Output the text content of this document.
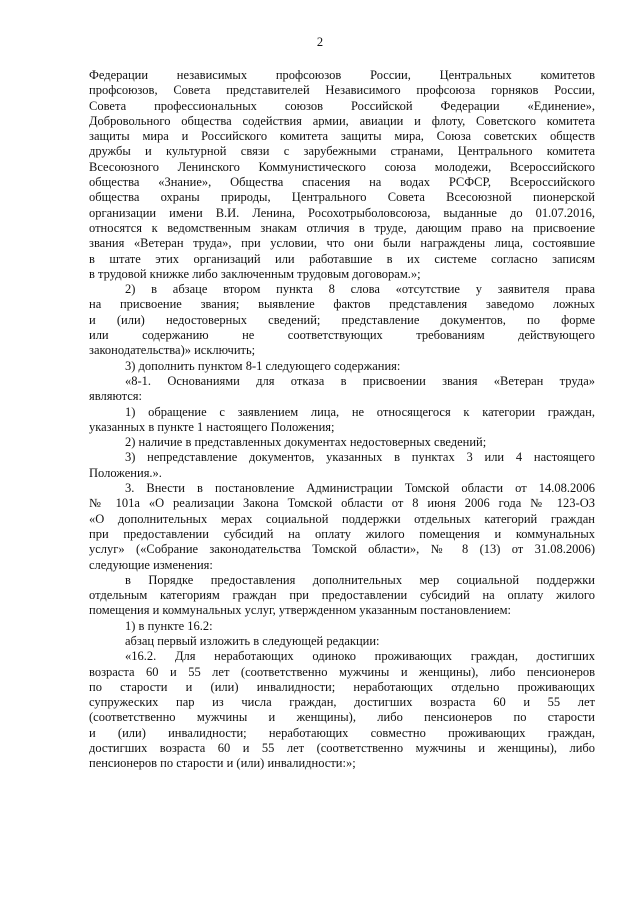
2
Федерации независимых профсоюзов России, Центральных комитетов
профсоюзов, Совета представителей Независимого профсоюза горняков России,
Совета профессиональных союзов Российской Федерации «Единение»,
Добровольного общества содействия армии, авиации и флоту, Советского комитета
защиты мира и Российского комитета защиты мира, Союза советских обществ
дружбы и культурной связи с зарубежными странами, Центрального комитета
Всесоюзного Ленинского Коммунистического союза молодежи, Всероссийского
общества «Знание», Общества спасения на водах РСФСР, Всероссийского
общества охраны природы, Центрального Совета Всесоюзной пионерской
организации имени В.И. Ленина, Росохотрыболовсоюза, выданные до 01.07.2016,
относятся к ведомственным знакам отличия в труде, дающим право на присвоение
звания «Ветеран труда», при условии, что они были награждены лица, состоявшие
в штате этих организаций или работавшие в их системе согласно записям
в трудовой книжке либо заключенным трудовым договорам.»;
2) в абзаце втором пункта 8 слова «отсутствие у заявителя права
на присвоение звания; выявление фактов представления заведомо ложных
и (или) недостоверных сведений; представление документов, по форме
или содержанию не соответствующих требованиям действующего
законодательства)» исключить;
3) дополнить пунктом 8-1 следующего содержания:
«8-1. Основаниями для отказа в присвоении звания «Ветеран труда»
являются:
1) обращение с заявлением лица, не относящегося к категории граждан,
указанных в пункте 1 настоящего Положения;
2) наличие в представленных документах недостоверных сведений;
3) непредставление документов, указанных в пунктах 3 или 4 настоящего
Положения.».
3. Внести в постановление Администрации Томской области от 14.08.2006
№ 101а «О реализации Закона Томской области от 8 июня 2006 года № 123-ОЗ
«О дополнительных мерах социальной поддержки отдельных категорий граждан
при предоставлении субсидий на оплату жилого помещения и коммунальных
услуг» («Собрание законодательства Томской области», № 8 (13) от 31.08.2006)
следующие изменения:
в Порядке предоставления дополнительных мер социальной поддержки
отдельным категориям граждан при предоставлении субсидий на оплату жилого
помещения и коммунальных услуг, утвержденном указанным постановлением:
1) в пункте 16.2:
абзац первый изложить в следующей редакции:
«16.2. Для неработающих одиноко проживающих граждан, достигших
возраста 60 и 55 лет (соответственно мужчины и женщины), либо пенсионеров
по старости и (или) инвалидности; неработающих отдельно проживающих
супружеских пар из числа граждан, достигших возраста 60 и 55 лет
(соответственно мужчины и женщины), либо пенсионеров по старости
и (или) инвалидности; неработающих совместно проживающих граждан,
достигших возраста 60 и 55 лет (соответственно мужчины и женщины), либо
пенсионеров по старости и (или) инвалидности:»;
